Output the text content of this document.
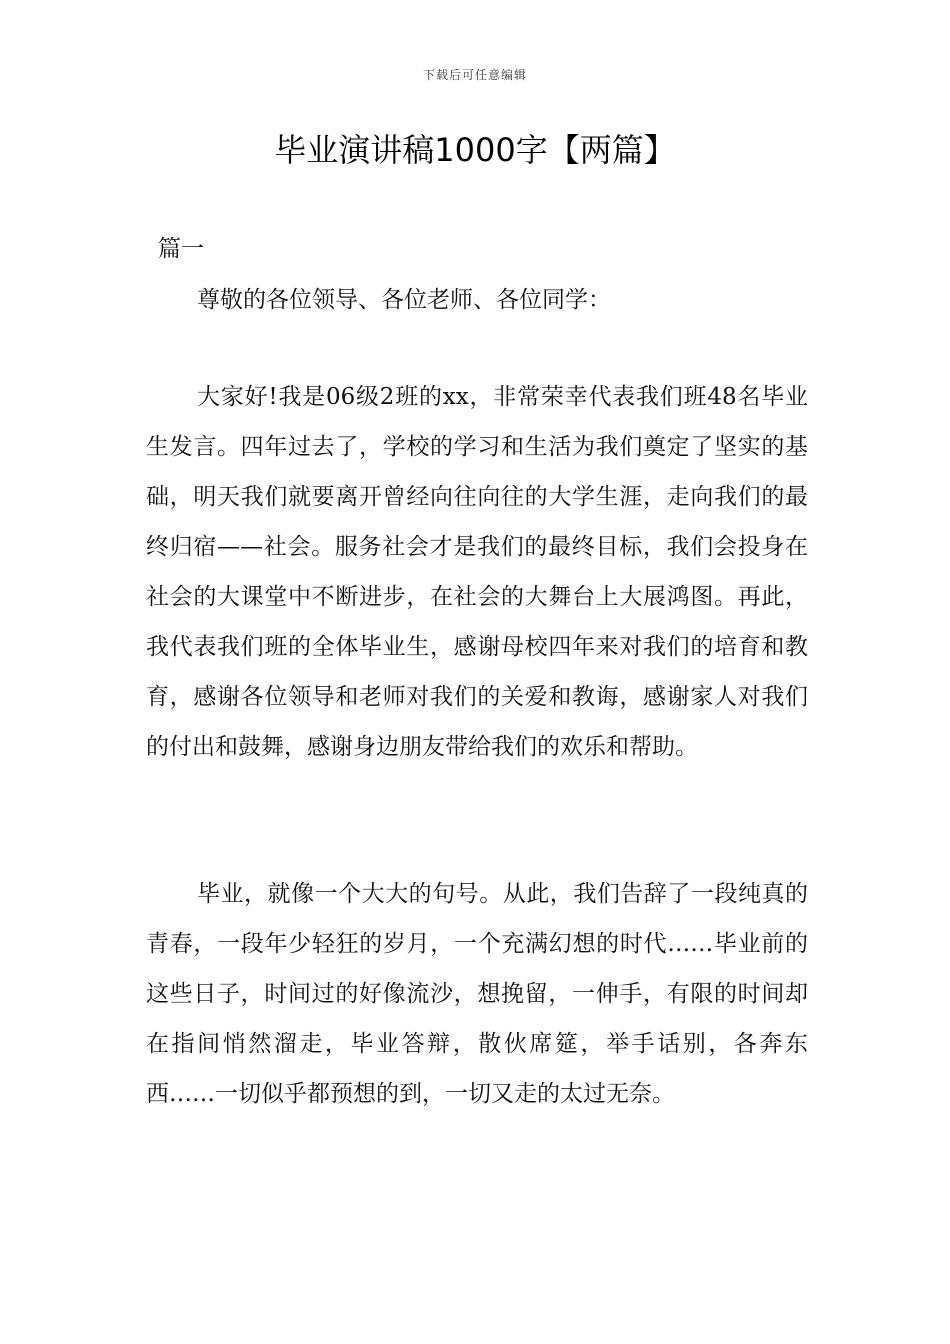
下载后可任意编辑
毕业演讲稿1000字【两篇】
篇一
尊敬的各位领导、各位老师、各位同学：

大家好!我是06级2班的xx，非常荣幸代表我们班48名毕业生发言。四年过去了，学校的学习和生活为我们奠定了坚实的基础，明天我们就要离开曾经向往向往的大学生涯，走向我们的最终归宿——社会。服务社会才是我们的最终目标，我们会投身在社会的大课堂中不断进步，在社会的大舞台上大展鸿图。再此，我代表我们班的全体毕业生，感谢母校四年来对我们的培育和教育，感谢各位领导和老师对我们的关爱和教诲，感谢家人对我们的付出和鼓舞，感谢身边朋友带给我们的欢乐和帮助。

毕业，就像一个大大的句号。从此，我们告辞了一段纯真的青春，一段年少轻狂的岁月，一个充满幻想的时代……毕业前的这些日子，时间过的好像流沙，想挽留，一伸手，有限的时间却在指间悄然溜走，毕业答辩，散伙席筵，举手话别，各奔东西……一切似乎都预想的到，一切又走的太过无奈。
